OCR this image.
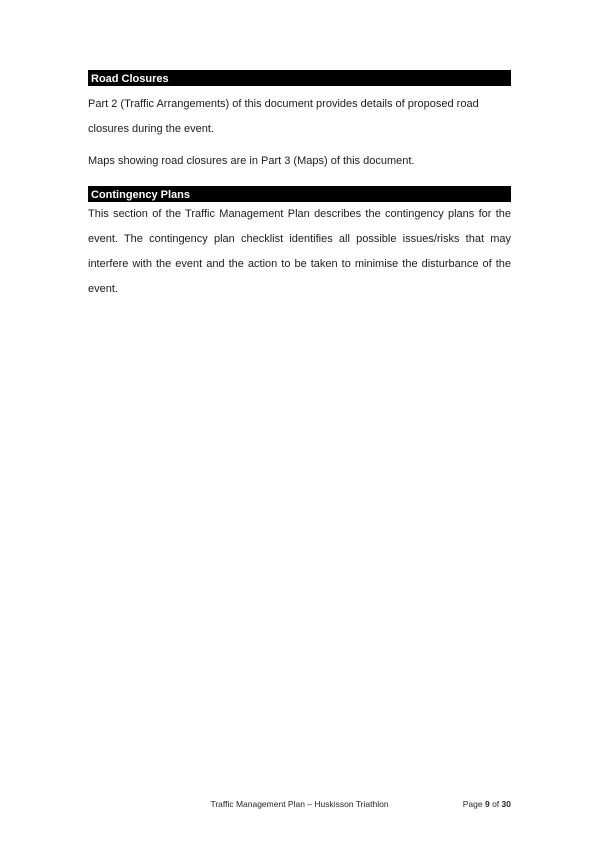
Road Closures

Part 2 (Traffic Arrangements) of this document provides details of proposed road closures during the event.

Maps showing road closures are in Part 3 (Maps) of this document.

Contingency Plans

This section of the Traffic Management Plan describes the contingency plans for the event. The contingency plan checklist identifies all possible issues/risks that may interfere with the event and the action to be taken to minimise the disturbance of the event.

Traffic Management Plan – Huskisson Triathlon	Page 9 of 30
